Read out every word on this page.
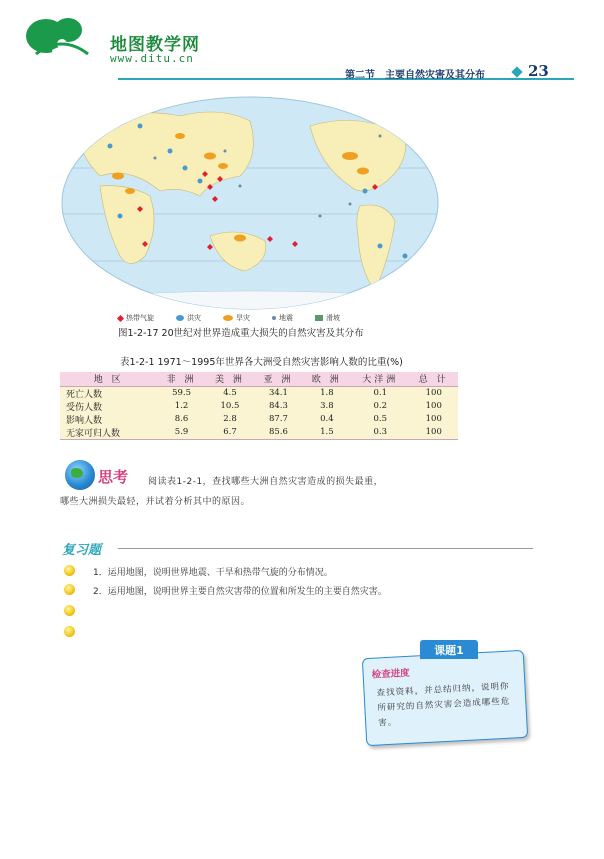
地图教学网
www.ditu.cn
第二节　主要自然灾害及其分布	23
热带气旋	洪灾	旱灾	地震	滑坡
图1-2-17 20世纪对世界造成重大损失的自然灾害及其分布
表1-2-1 1971～1995年世界各大洲受自然灾害影响人数的比重(%)
地 区	非 洲	美 洲	亚 洲	欧 洲	大洋洲	总 计
死亡人数	59.5	4.5	34.1	1.8	0.1	100
受伤人数	1.2	10.5	84.3	3.8	0.2	100
影响人数	8.6	2.8	87.7	0.4	0.5	100
无家可归人数	5.9	6.7	85.6	1.5	0.3	100
思考 阅读表1-2-1，查找哪些大洲自然灾害造成的损失最重，
哪些大洲损失最轻，并试着分析其中的原因。
复习题
1．运用地图，说明世界地震、干旱和热带气旋的分布情况。
2．运用地图，说明世界主要自然灾害带的位置和所发生的主要自然灾害。
检查进度
查找资料，并总结归纳，说明你所研究的自然灾害会造成哪些危害。
课题1
